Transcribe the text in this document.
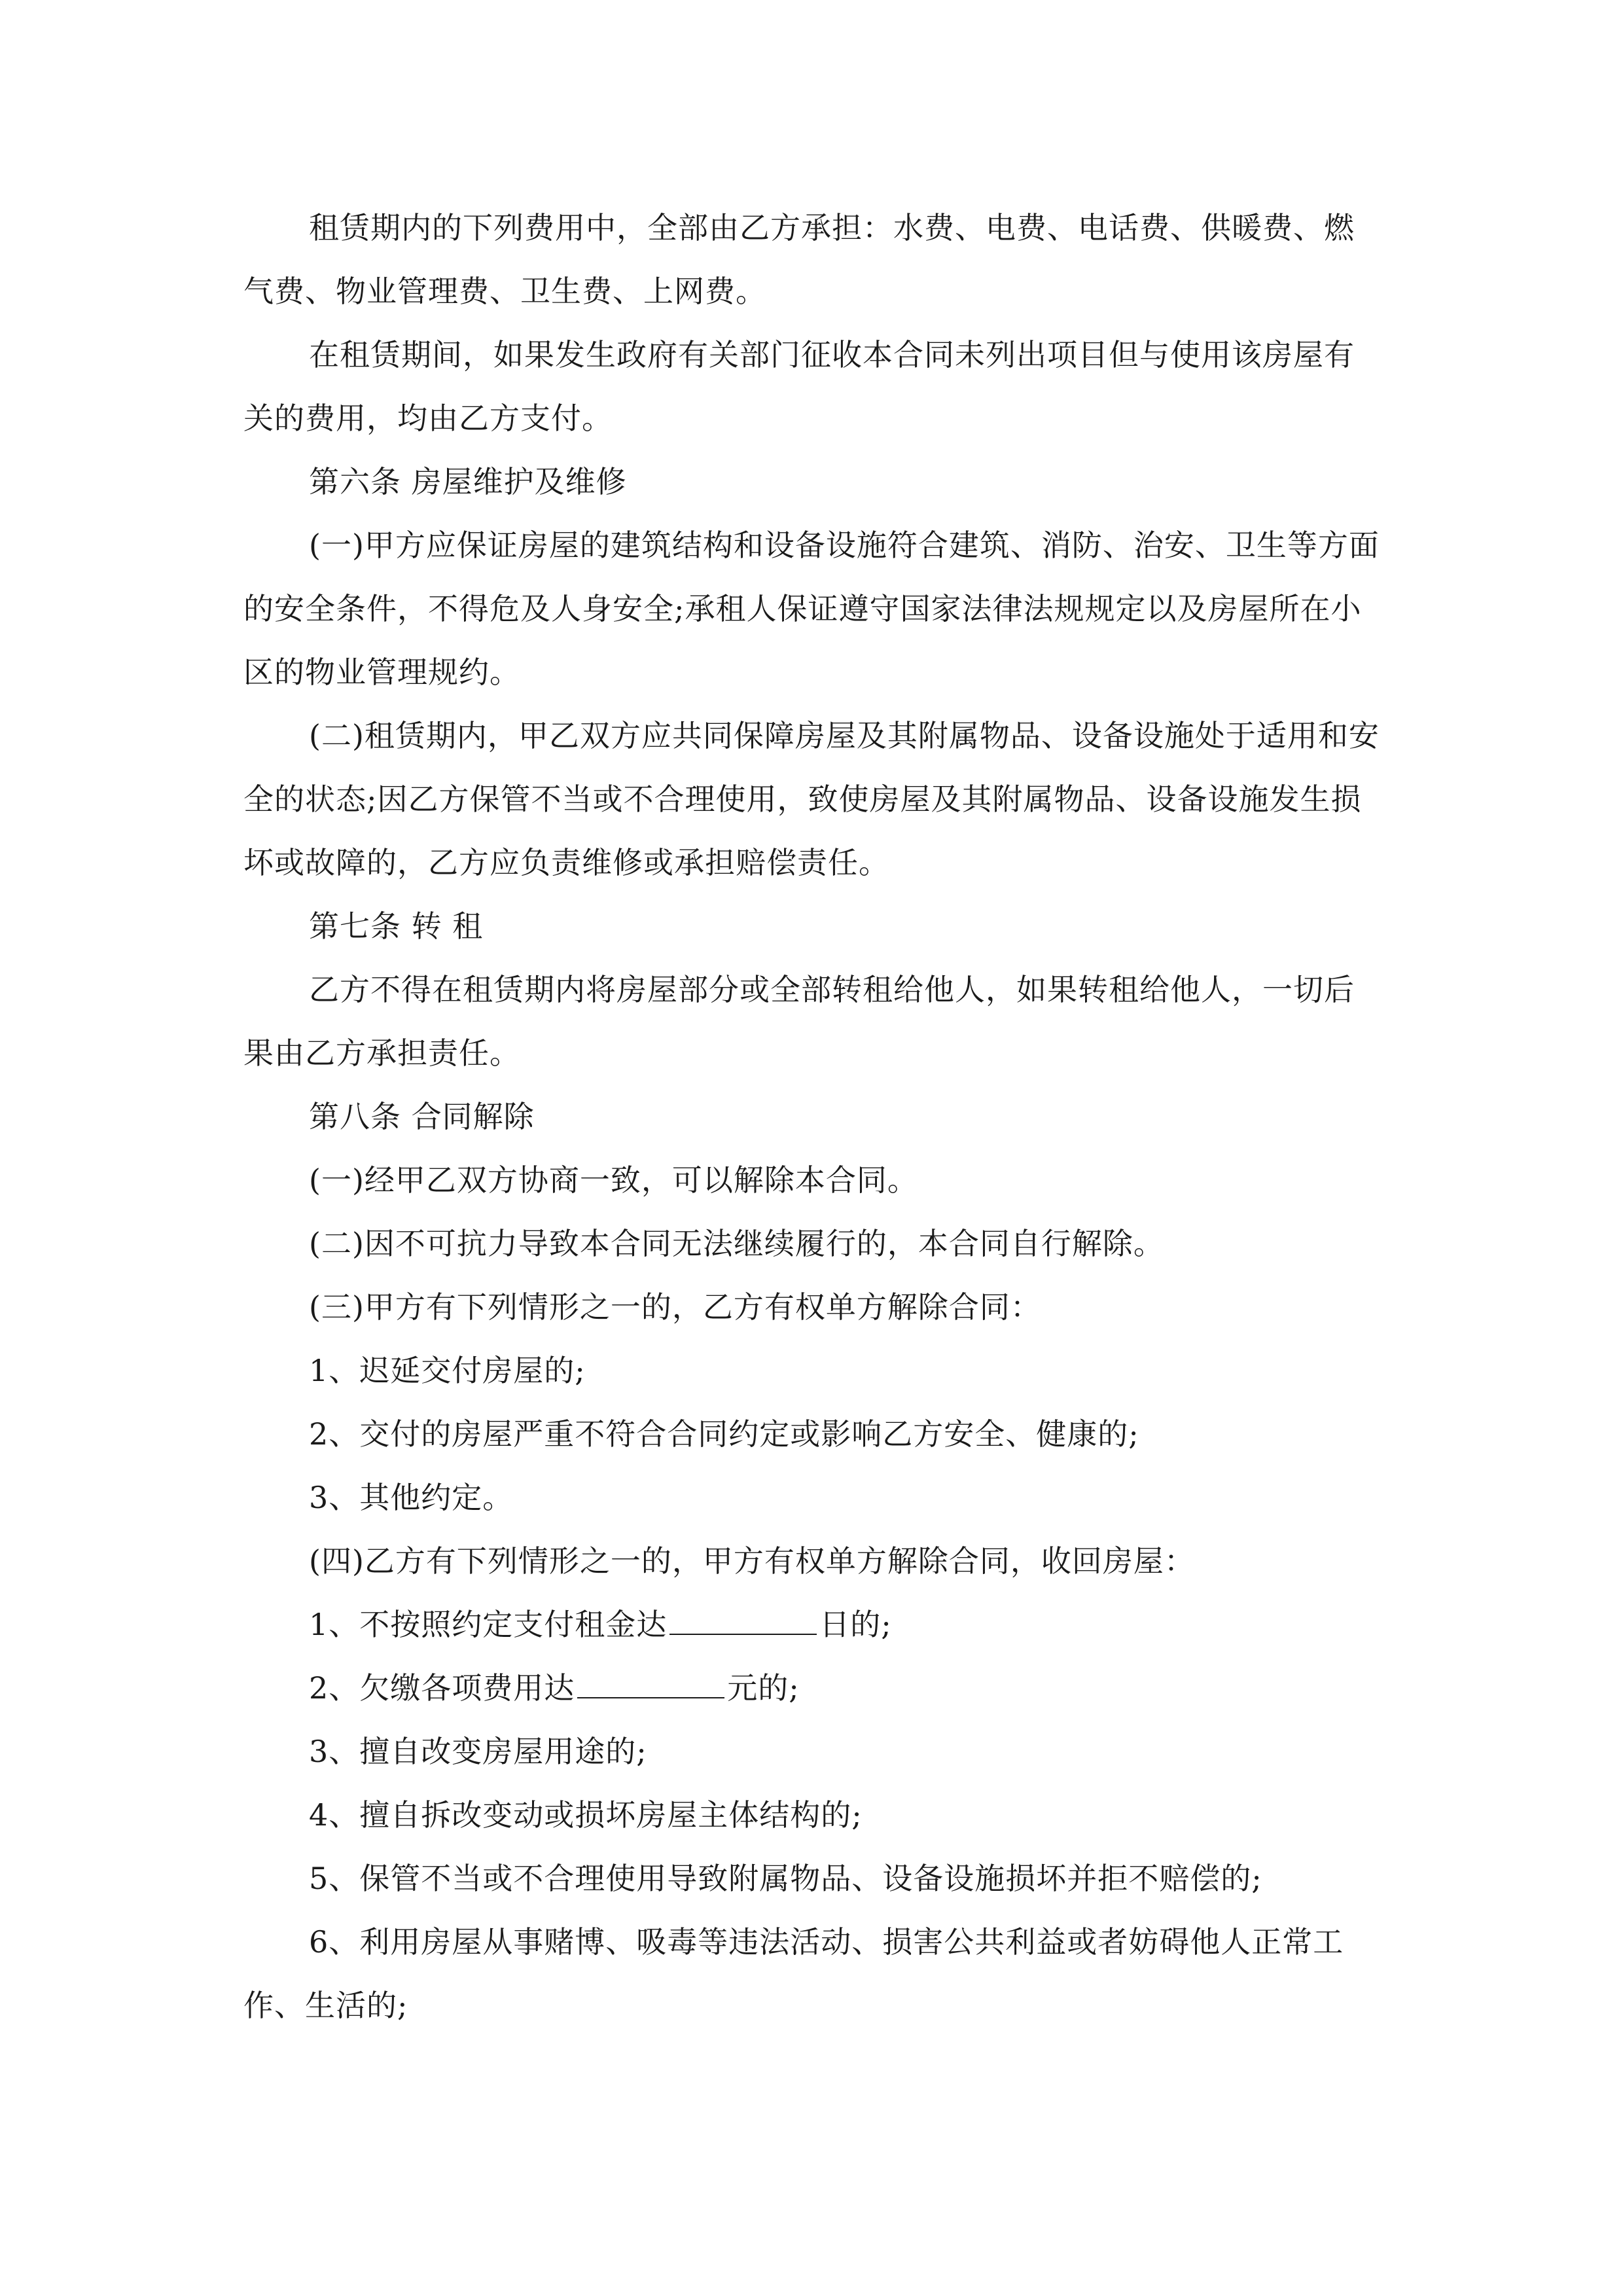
租赁期内的下列费用中，全部由乙方承担：水费、电费、电话费、供暖费、燃气费、物业管理费、卫生费、上网费。

在租赁期间，如果发生政府有关部门征收本合同未列出项目但与使用该房屋有关的费用，均由乙方支付。

第六条 房屋维护及维修

(一)甲方应保证房屋的建筑结构和设备设施符合建筑、消防、治安、卫生等方面的安全条件，不得危及人身安全;承租人保证遵守国家法律法规规定以及房屋所在小区的物业管理规约。

(二)租赁期内，甲乙双方应共同保障房屋及其附属物品、设备设施处于适用和安全的状态;因乙方保管不当或不合理使用，致使房屋及其附属物品、设备设施发生损坏或故障的，乙方应负责维修或承担赔偿责任。

第七条 转 租

乙方不得在租赁期内将房屋部分或全部转租给他人，如果转租给他人，一切后果由乙方承担责任。

第八条 合同解除

(一)经甲乙双方协商一致，可以解除本合同。

(二)因不可抗力导致本合同无法继续履行的，本合同自行解除。

(三)甲方有下列情形之一的，乙方有权单方解除合同：

1、迟延交付房屋的;

2、交付的房屋严重不符合合同约定或影响乙方安全、健康的;

3、其他约定。

(四)乙方有下列情形之一的，甲方有权单方解除合同，收回房屋：

1、不按照约定支付租金达	日的;

2、欠缴各项费用达	元的;

3、擅自改变房屋用途的;

4、擅自拆改变动或损坏房屋主体结构的;

5、保管不当或不合理使用导致附属物品、设备设施损坏并拒不赔偿的;

6、利用房屋从事赌博、吸毒等违法活动、损害公共利益或者妨碍他人正常工作、生活的;
